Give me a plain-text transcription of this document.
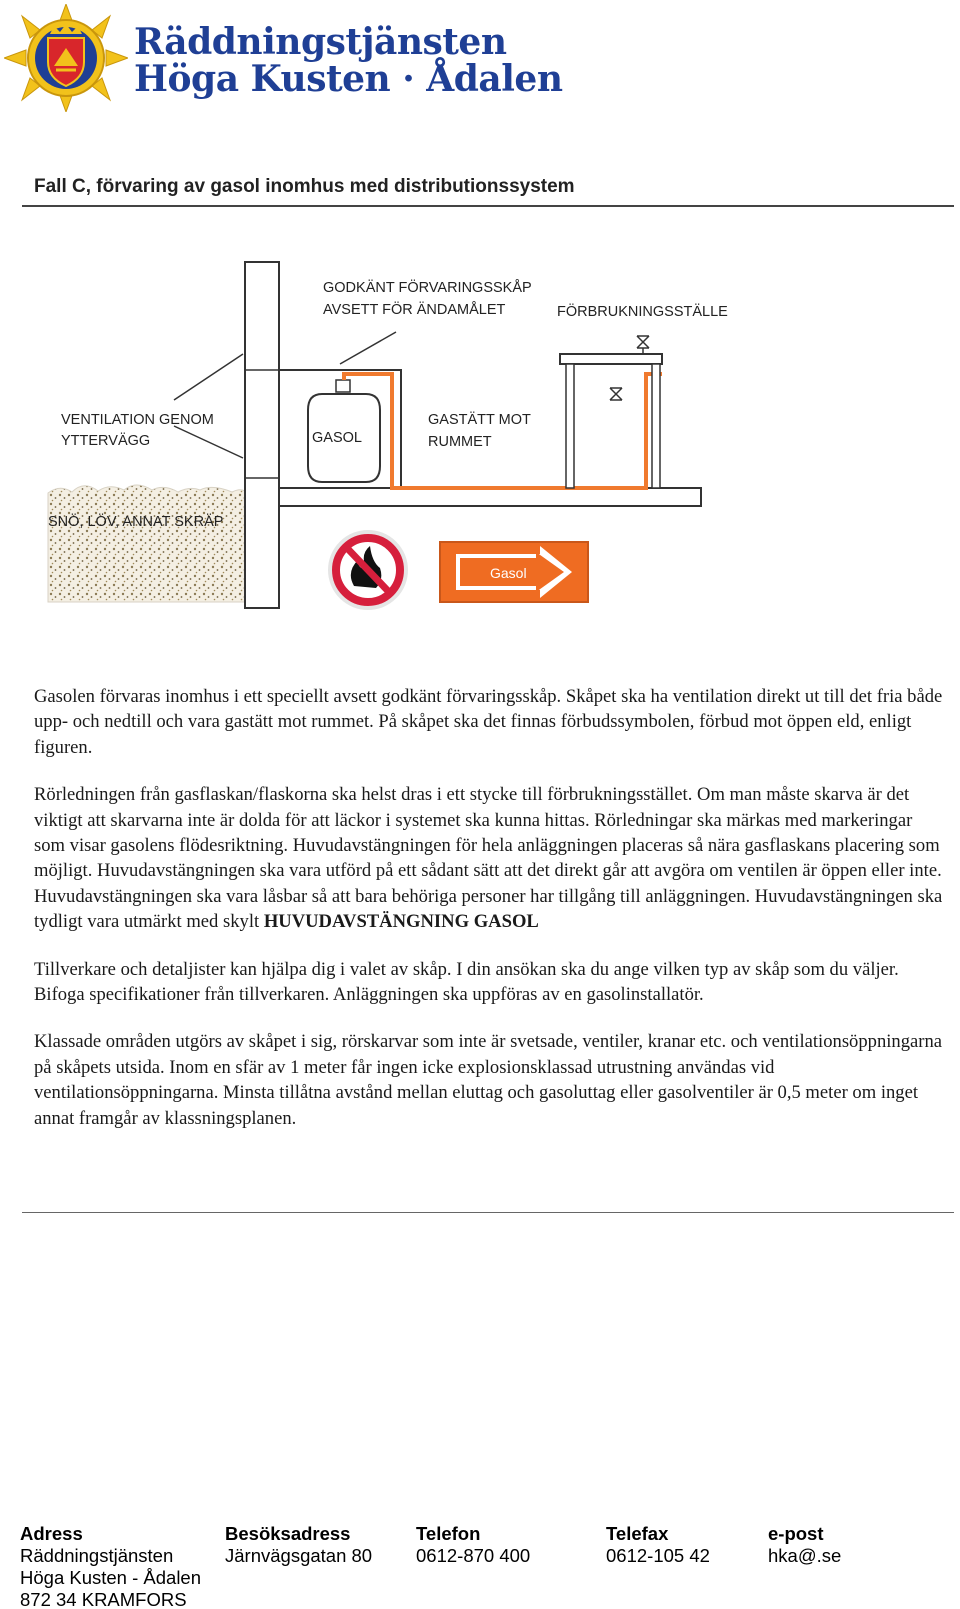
Räddningstjänsten
Höga Kusten · Ådalen
Fall C, förvaring av gasol inomhus med distributionssystem
GODKÄNT FÖRVARINGSSKÅP
AVSETT FÖR ÄNDAMÅLET	FÖRBRUKNINGSSTÄLLE
VENTILATION GENOM
YTTERVÄGG	GASOL
GASTÄTT MOT
RUMMET
SNÖ, LÖV, ANNAT SKRÄP
Gasol

Gasolen förvaras inomhus i ett speciellt avsett godkänt förvaringsskåp. Skåpet ska ha ventilation direkt ut till det fria både upp- och nedtill och vara gastätt mot rummet. På skåpet ska det finnas förbudssymbolen, förbud mot öppen eld, enligt figuren.

Rörledningen från gasflaskan/flaskorna ska helst dras i ett stycke till förbrukningsstället. Om man måste skarva är det viktigt att skarvarna inte är dolda för att läckor i systemet ska kunna hittas. Rörledningar ska märkas med markeringar som visar gasolens flödesriktning. Huvudavstängningen för hela anläggningen placeras så nära gasflaskans placering som möjligt. Huvudavstängningen ska vara utförd på ett sådant sätt att det direkt går att avgöra om ventilen är öppen eller inte. Huvudavstängningen ska vara låsbar så att bara behöriga personer har tillgång till anläggningen. Huvudavstängningen ska tydligt vara utmärkt med skylt HUVUDAVSTÄNGNING GASOL

Tillverkare och detaljister kan hjälpa dig i valet av skåp. I din ansökan ska du ange vilken typ av skåp som du väljer. Bifoga specifikationer från tillverkaren. Anläggningen ska uppföras av en gasolinstallatör.

Klassade områden utgörs av skåpet i sig, rörskarvar som inte är svetsade, ventiler, kranar etc. och ventilationsöppningarna på skåpets utsida. Inom en sfär av 1 meter får ingen icke explosionsklassad utrustning användas vid ventilationsöppningarna. Minsta tillåtna avstånd mellan eluttag och gasoluttag eller gasolventiler är 0,5 meter om inget annat framgår av klassningsplanen.

Adress
Räddningstjänsten
Höga Kusten - Ådalen
872 34 KRAMFORS
Besöksadress
Järnvägsgatan 80
Telefon
0612-870 400
Telefax
0612-105 42
e-post
hka@.se
